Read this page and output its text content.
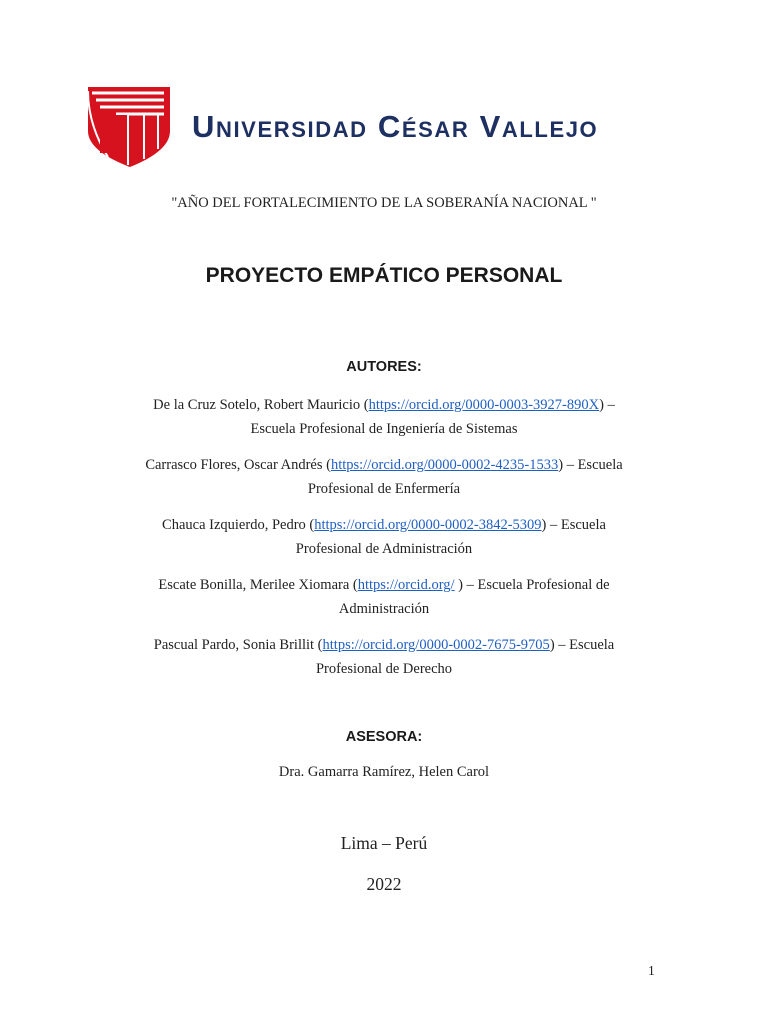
Universidad César Vallejo
"AÑO DEL FORTALECIMIENTO DE LA SOBERANÍA NACIONAL "
PROYECTO EMPÁTICO PERSONAL
AUTORES:
De la Cruz Sotelo, Robert Mauricio (https://orcid.org/0000-0003-3927-890X) –
Escuela Profesional de Ingeniería de Sistemas
Carrasco Flores, Oscar Andrés (https://orcid.org/0000-0002-4235-1533) – Escuela
Profesional de Enfermería
Chauca Izquierdo, Pedro (https://orcid.org/0000-0002-3842-5309) – Escuela
Profesional de Administración
Escate Bonilla, Merilee Xiomara (https://orcid.org/ ) – Escuela Profesional de
Administración
Pascual Pardo, Sonia Brillit (https://orcid.org/0000-0002-7675-9705) – Escuela
Profesional de Derecho
ASESORA:
Dra. Gamarra Ramírez, Helen Carol
Lima – Perú
2022
1
